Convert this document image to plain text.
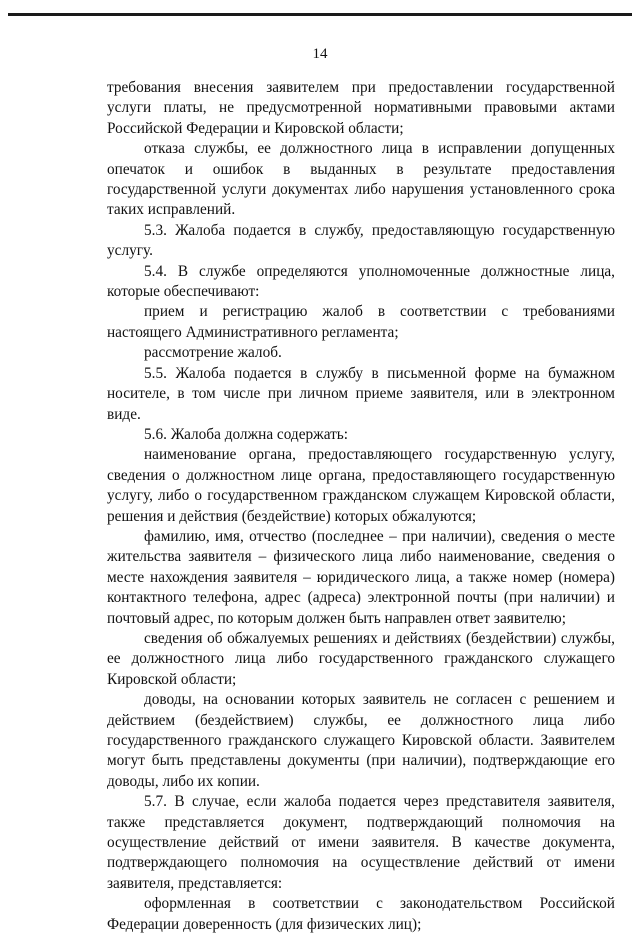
14

требования внесения заявителем при предоставлении государственной услуги платы, не предусмотренной нормативными правовыми актами Российской Федерации и Кировской области;

отказа службы, ее должностного лица в исправлении допущенных опечаток и ошибок в выданных в результате предоставления государственной услуги документах либо нарушения установленного срока таких исправлений.

5.3. Жалоба подается в службу, предоставляющую государственную услугу.

5.4. В службе определяются уполномоченные должностные лица, которые обеспечивают:

прием и регистрацию жалоб в соответствии с требованиями настоящего Административного регламента;

рассмотрение жалоб.

5.5. Жалоба подается в службу в письменной форме на бумажном носителе, в том числе при личном приеме заявителя, или в электронном виде.

5.6. Жалоба должна содержать:

наименование органа, предоставляющего государственную услугу, сведения о должностном лице органа, предоставляющего государственную услугу, либо о государственном гражданском служащем Кировской области, решения и действия (бездействие) которых обжалуются;

фамилию, имя, отчество (последнее – при наличии), сведения о месте жительства заявителя – физического лица либо наименование, сведения о месте нахождения заявителя – юридического лица, а также номер (номера) контактного телефона, адрес (адреса) электронной почты (при наличии) и почтовый адрес, по которым должен быть направлен ответ заявителю;

сведения об обжалуемых решениях и действиях (бездействии) службы, ее должностного лица либо государственного гражданского служащего Кировской области;

доводы, на основании которых заявитель не согласен с решением и действием (бездействием) службы, ее должностного лица либо государственного гражданского служащего Кировской области. Заявителем могут быть представлены документы (при наличии), подтверждающие его доводы, либо их копии.

5.7. В случае, если жалоба подается через представителя заявителя, также представляется документ, подтверждающий полномочия на осуществление действий от имени заявителя. В качестве документа, подтверждающего полномочия на осуществление действий от имени заявителя, представляется:

оформленная в соответствии с законодательством Российской Федерации доверенность (для физических лиц);
